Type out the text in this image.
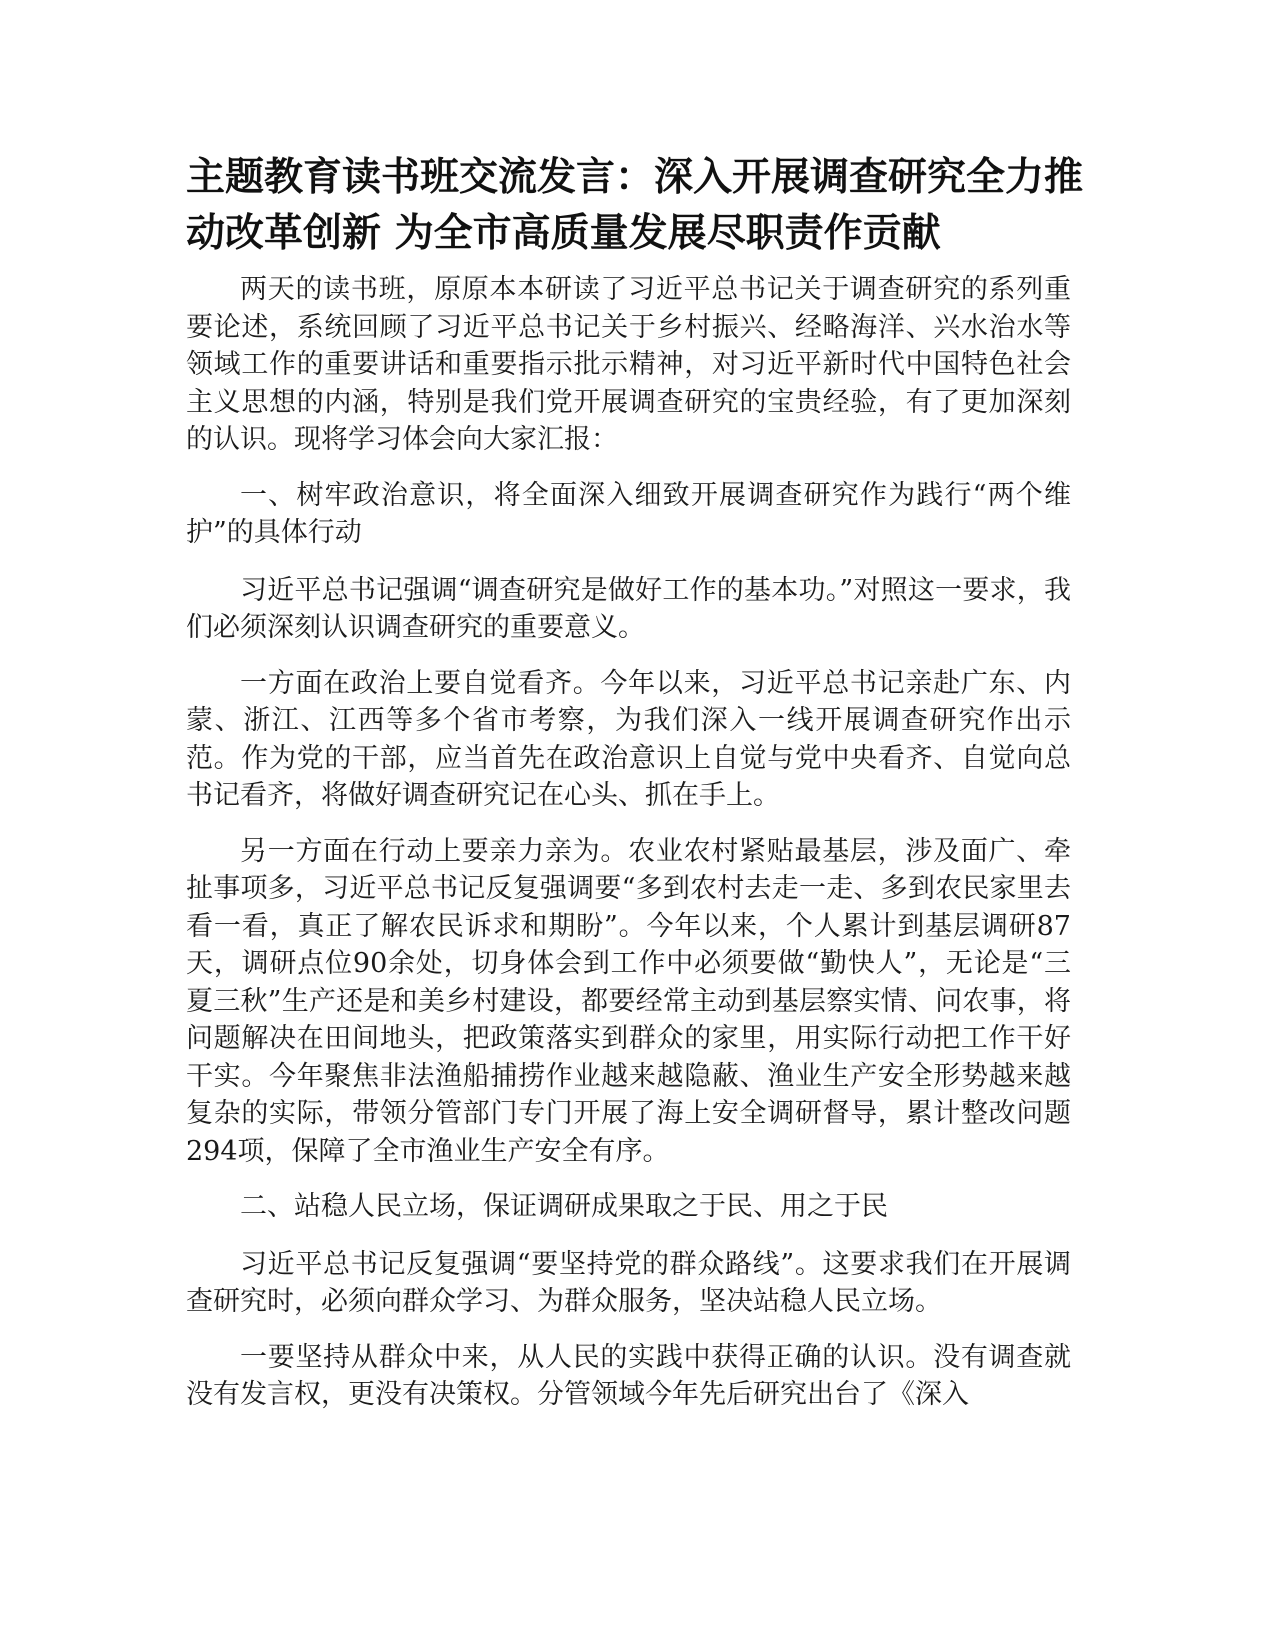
主题教育读书班交流发言：深入开展调查研究全力推动改革创新 为全市高质量发展尽职责作贡献

两天的读书班，原原本本研读了习近平总书记关于调查研究的系列重要论述，系统回顾了习近平总书记关于乡村振兴、经略海洋、兴水治水等领域工作的重要讲话和重要指示批示精神，对习近平新时代中国特色社会主义思想的内涵，特别是我们党开展调查研究的宝贵经验，有了更加深刻的认识。现将学习体会向大家汇报：

一、树牢政治意识，将全面深入细致开展调查研究作为践行“两个维护”的具体行动

习近平总书记强调“调查研究是做好工作的基本功。”对照这一要求，我们必须深刻认识调查研究的重要意义。

一方面在政治上要自觉看齐。今年以来，习近平总书记亲赴广东、内蒙、浙江、江西等多个省市考察，为我们深入一线开展调查研究作出示范。作为党的干部，应当首先在政治意识上自觉与党中央看齐、自觉向总书记看齐，将做好调查研究记在心头、抓在手上。

另一方面在行动上要亲力亲为。农业农村紧贴最基层，涉及面广、牵扯事项多，习近平总书记反复强调要“多到农村去走一走、多到农民家里去看一看，真正了解农民诉求和期盼”。今年以来，个人累计到基层调研87天，调研点位90余处，切身体会到工作中必须要做“勤快人”，无论是“三夏三秋”生产还是和美乡村建设，都要经常主动到基层察实情、问农事，将问题解决在田间地头，把政策落实到群众的家里，用实际行动把工作干好干实。今年聚焦非法渔船捕捞作业越来越隐蔽、渔业生产安全形势越来越复杂的实际，带领分管部门专门开展了海上安全调研督导，累计整改问题294项，保障了全市渔业生产安全有序。

二、站稳人民立场，保证调研成果取之于民、用之于民

习近平总书记反复强调“要坚持党的群众路线”。这要求我们在开展调查研究时，必须向群众学习、为群众服务，坚决站稳人民立场。

一要坚持从群众中来，从人民的实践中获得正确的认识。没有调查就没有发言权，更没有决策权。分管领域今年先后研究出台了《深入
